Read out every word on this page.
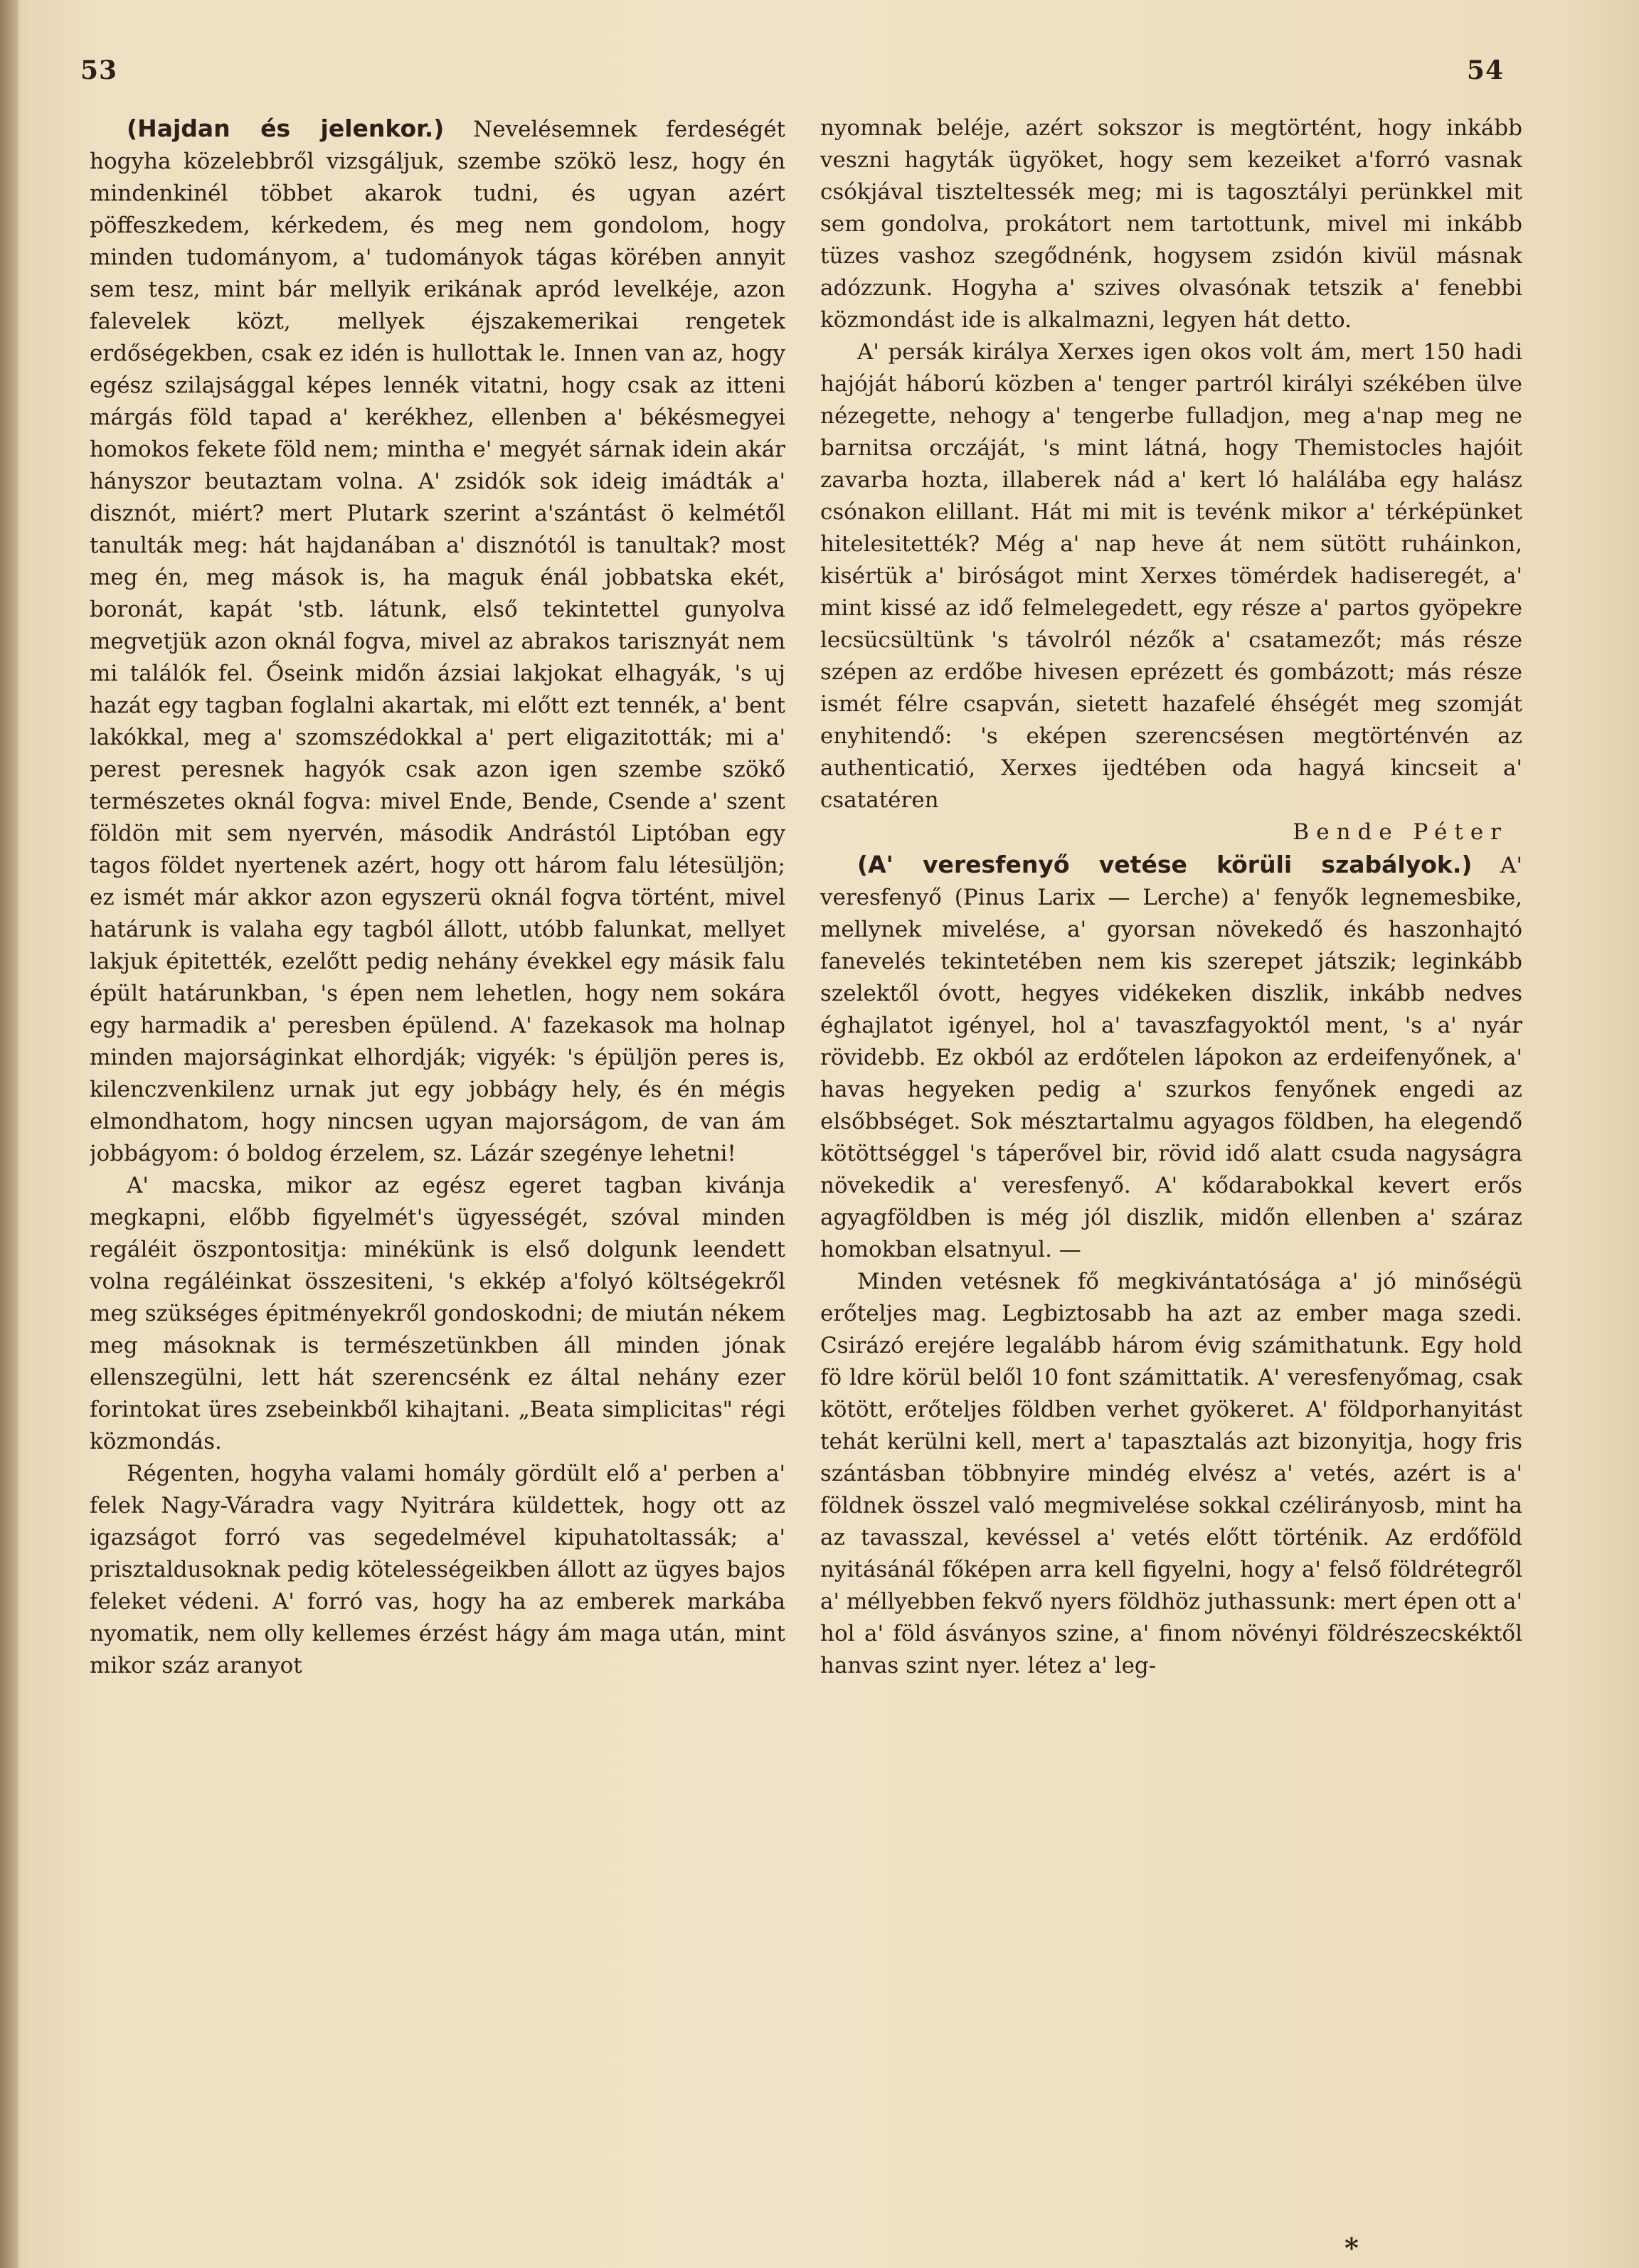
53	54

(Hajdan és jelenkor.) Nevelésemnek ferdeségét hogyha közelebbről vizsgáljuk, szembe szökö lesz, hogy én mindenkinél többet akarok tudni, és ugyan azért pöffeszkedem, kérkedem, és meg nem gondolom, hogy minden tudományom, a' tudományok tágas körében annyit sem tesz, mint bár mellyik erikának apród levelkéje, azon falevelek közt, mellyek éjszakemerikai rengetek erdőségekben, csak ez idén is hullottak le. Innen van az, hogy egész szilajsággal képes lennék vitatni, hogy csak az itteni márgás föld tapad a' kerékhez, ellenben a' békésmegyei homokos fekete föld nem; mintha e' megyét sárnak idein akár hányszor beutaztam volna. A' zsidók sok ideig imádták a' disznót, miért? mert Plutark szerint a'szántást ö kelmétől tanulták meg: hát hajdanában a' disznótól is tanultak? most meg én, meg mások is, ha maguk énál jobbatska ekét, boronát, kapát 'stb. látunk, első tekintettel gunyolva megvetjük azon oknál fogva, mivel az abrakos tarisznyát nem mi találók fel. Őseink midőn ázsiai lakjokat elhagyák, 's uj hazát egy tagban foglalni akartak, mi előtt ezt tennék, a' bent lakókkal, meg a' szomszédokkal a' pert eligazitották; mi a' perest peresnek hagyók csak azon igen szembe szökő természetes oknál fogva: mivel Ende, Bende, Csende a' szent földön mit sem nyervén, második Andrástól Liptóban egy tagos földet nyertenek azért, hogy ott három falu létesüljön; ez ismét már akkor azon egyszerü oknál fogva történt, mivel határunk is valaha egy tagból állott, utóbb falunkat, mellyet lakjuk épitették, ezelőtt pedig nehány évekkel egy másik falu épült határunkban, 's épen nem lehetlen, hogy nem sokára egy harmadik a' peresben épülend. A' fazekasok ma holnap minden majorságinkat elhordják; vigyék: 's épüljön peres is, kilenczvenkilenz urnak jut egy jobbágy hely, és én mégis elmondhatom, hogy nincsen ugyan majorságom, de van ám jobbágyom: ó boldog érzelem, sz. Lázár szegénye lehetni!

A' macska, mikor az egész egeret tagban kivánja megkapni, előbb figyelmét's ügyességét, szóval minden regáléit öszpontositja: minékünk is első dolgunk leendett volna regáléinkat összesiteni, 's ekkép a'folyó költségekről meg szükséges épitményekről gondoskodni; de miután nékem meg másoknak is természetünkben áll minden jónak ellenszegülni, lett hát szerencsénk ez által nehány ezer forintokat üres zsebeinkből kihajtani. „Beata simplicitas" régi közmondás.

Régenten, hogyha valami homály gördült elő a' perben a' felek Nagy-Váradra vagy Nyitrára küldettek, hogy ott az igazságot forró vas segedelmével kipuhatoltassák; a' prisztaldusoknak pedig kötelességeikben állott az ügyes bajos feleket védeni. A' forró vas, hogy ha az emberek markába nyomatik, nem olly kellemes érzést hágy ám maga után, mint mikor száz aranyot

nyomnak beléje, azért sokszor is megtörtént, hogy inkább veszni hagyták ügyöket, hogy sem kezeiket a'forró vasnak csókjával tiszteltessék meg; mi is tagosztályi perünkkel mit sem gondolva, prokátort nem tartottunk, mivel mi inkább tüzes vashoz szegődnénk, hogysem zsidón kivül másnak adózzunk. Hogyha a' szives olvasónak tetszik a' fenebbi közmondást ide is alkalmazni, legyen hát detto.

A' persák királya Xerxes igen okos volt ám, mert 150 hadi hajóját háború közben a' tenger partról királyi székében ülve nézegette, nehogy a' tengerbe fulladjon, meg a'nap meg ne barnitsa orczáját, 's mint látná, hogy Themistocles hajóit zavarba hozta, illaberek nád a' kert ló halálába egy halász csónakon elillant. Hát mi mit is tevénk mikor a' térképünket hitelesitették? Még a' nap heve át nem sütött ruháinkon, kisértük a' biróságot mint Xerxes tömérdek hadiseregét, a' mint kissé az idő felmelegedett, egy része a' partos gyöpekre lecsücsültünk 's távolról nézők a' csatamezőt; más része szépen az erdőbe hivesen eprézett és gombázott; más része ismét félre csapván, sietett hazafelé éhségét meg szomját enyhitendő: 's eképen szerencsésen megtörténvén az authenticatió, Xerxes ijedtében oda hagyá kincseit a' csatatéren

Bende Péter

(A' veresfenyő vetése körüli szabályok.) A' veresfenyő (Pinus Larix — Lerche) a' fenyők legnemesbike, mellynek mivelése, a' gyorsan növekedő és haszonhajtó fanevelés tekintetében nem kis szerepet játszik; leginkább szelektől óvott, hegyes vidékeken diszlik, inkább nedves éghajlatot igényel, hol a' tavaszfagyoktól ment, 's a' nyár rövidebb. Ez okból az erdőtelen lápokon az erdeifenyőnek, a' havas hegyeken pedig a' szurkos fenyőnek engedi az elsőbbséget. Sok mésztartalmu agyagos földben, ha elegendő kötöttséggel 's táperővel bir, rövid idő alatt csuda nagyságra növekedik a' veresfenyő. A' kődarabokkal kevert erős agyagföldben is még jól diszlik, midőn ellenben a' száraz homokban elsatnyul. —

Minden vetésnek fő megkivántatósága a' jó minőségü erőteljes mag. Legbiztosabb ha azt az ember maga szedi. Csirázó erejére legalább három évig számithatunk. Egy hold fö ldre körül belől 10 font számittatik. A' veresfenyőmag, csak kötött, erőteljes földben verhet gyökeret. A' földporhanyitást tehát kerülni kell, mert a' tapasztalás azt bizonyitja, hogy fris szántásban többnyire mindég elvész a' vetés, azért is a' földnek összel való megmivelése sokkal czélirányosb, mint ha az tavasszal, kevéssel a' vetés előtt történik. Az erdőföld nyitásánál főképen arra kell figyelni, hogy a' felső földrétegről a' méllyebben fekvő nyers földhöz juthassunk: mert épen ott a' hol a' föld ásványos szine, a' finom növényi földrészecskéktől hanvas szint nyer. létez a' leg-

*
